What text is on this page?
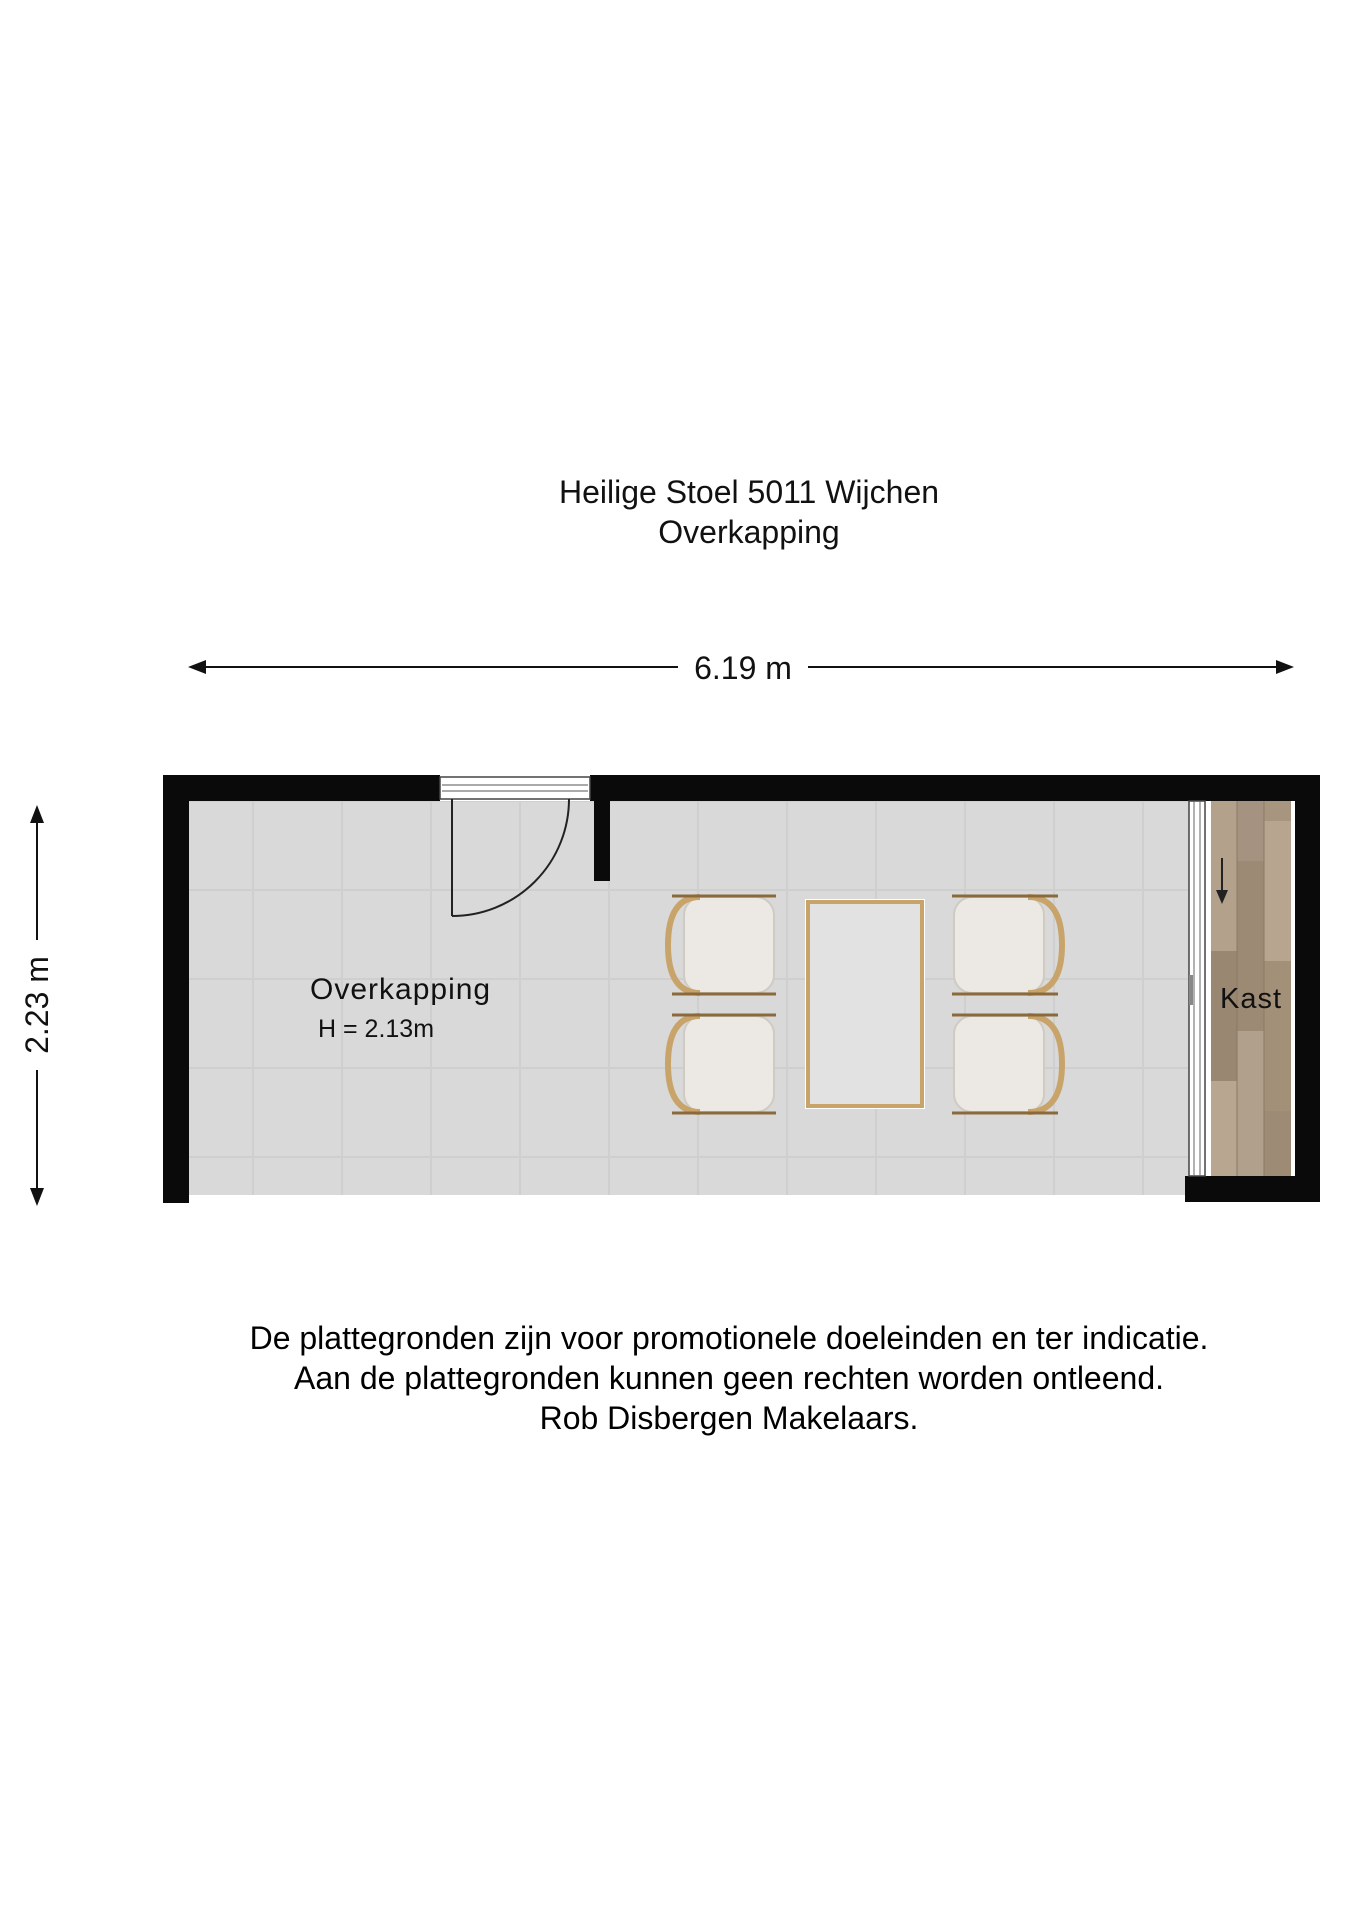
Heilige Stoel 5011 Wijchen
Overkapping
6.19 m
2.23 m	Overkapping
H = 2.13m
Kast
De plattegronden zijn voor promotionele doeleinden en ter indicatie.
Aan de plattegronden kunnen geen rechten worden ontleend.
Rob Disbergen Makelaars.
